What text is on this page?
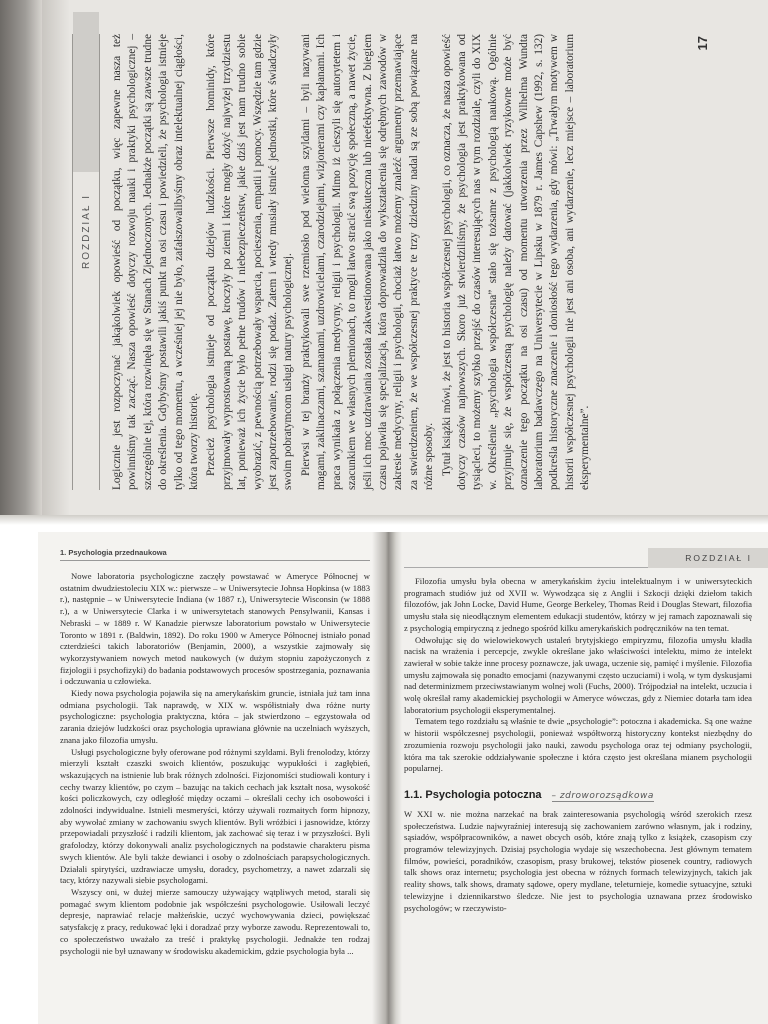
ROZDZIAŁ I Logicznie jest rozpoczynać jakąkolwiek opowieść od początku, więc zapewne nasza też powinniśmy tak zacząć. Nasza opowieść dotyczy rozwoju nauki i praktyki psychologicznej – szczególnie tej, która rozwinęła się w Stanach Zjednoczonych. Jednakże początki są zawsze trudne do określenia. Gdybyśmy postawili jakiś punkt na osi czasu i powiedzieli, że psychologia istnieje tylko od tego momentu, a wcześniej jej nie było, zafałszowalibyśmy obraz intelektualnej ciągłości, która tworzy historię. Przecież psychologia istnieje od początku dziejów ludzkości. Pierwsze hominidy, które przyjmowały wyprostowaną postawę, kroczyły po ziemi i które mogły dożyć najwyżej trzydziestu lat, ponieważ ich życie było pełne trudów i niebezpieczeństw, jakie dziś jest nam trudno sobie wyobrazić, z pewnością potrzebowały wsparcia, pocieszenia, empatii i pomocy. Wszędzie tam gdzie jest zapotrzebowanie, rodzi się podaż. Zatem i wtedy musiały istnieć jednostki, które świadczyły swoim pobratymcom usługi natury psychologicznej. Pierwsi w tej branży praktykowali swe rzemiosło pod wieloma szyldami – byli nazywani magami, zaklinaczami, szamanami, uzdrowicielami, czarodziejami, wizjonerami czy kapłanami. Ich praca wynikała z połączenia medycyny, religii i psychologii. Mimo iż cieszyli się autorytetem i szacunkiem we własnych plemionach, to mogli łatwo stracić swą pozycję społeczną, a nawet życie, jeśli ich moc uzdrawiania została zakwestionowana jako nieskuteczna lub nieefektywna. Z biegiem czasu pojawiła się specjalizacja, która doprowadziła do wykształcenia się odrębnych zawodów w zakresie medycyny, religii i psychologii, chociaż łatwo możemy znaleźć argumenty przemawiające za stwierdzeniem, że we współczesnej praktyce te trzy dziedziny nadal są ze sobą powiązane na różne sposoby. Tytuł książki mówi, że jest to historia współczesnej psychologii, co oznacza, że nasza opowieść dotyczy czasów najnowszych. Skoro już stwierdziliśmy, że psychologia jest praktykowana od tysiącleci, to możemy szybko przejść do czasów interesujących nas w tym rozdziale, czyli do XIX w. Określenie „psychologia współczesna” stało się tożsame z psychologią naukową. Ogólnie przyjmuje się, że współczesną psychologię należy datować (jakkolwiek ryzykowne może być oznaczenie tego początku na osi czasu) od momentu utworzenia przez Wilhelma Wundta laboratorium badawczego na Uniwersytecie w Lipsku w 1879 r. James Capshew (1992, s. 132) podkreśla historyczne znaczenie i doniosłość tego wydarzenia, gdy mówi: „Trwałym motywem w historii współczesnej psychologii nie jest ani osoba, ani wydarzenie, lecz miejsce – laboratorium eksperymentalne”.

17
1. Psychologia przednaukowa

Nowe laboratoria psychologiczne zaczęły powstawać w Ameryce Północnej w ostatnim dwudziestoleciu XIX w.: pierwsze – w Uniwersytecie Johnsa Hopkinsa (w 1883 r.), następnie – w Uniwersytecie Indiana (w 1887 r.), Uniwersytecie Wisconsin (w 1888 r.), a w Uniwersytecie Clarka i w uniwersytetach stanowych Pensylwanii, Kansas i Nebraski – w 1889 r. W Kanadzie pierwsze laboratorium powstało w Uniwersytecie Toronto w 1891 r. (Baldwin, 1892). Do roku 1900 w Ameryce Północnej istniało ponad czterdzieści takich laboratoriów (Benjamin, 2000), a wszystkie zajmowały się wykorzystywaniem nowych metod naukowych (w dużym stopniu zapożyczonych z fizjologii i psychofizyki) do badania podstawowych procesów spostrzegania, poznawania i odczuwania u człowieka.

Kiedy nowa psychologia pojawiła się na amerykańskim gruncie, istniała już tam inna odmiana psychologii. Tak naprawdę, w XIX w. współistniały dwa różne nurty psychologiczne: psychologia praktyczna, która – jak stwierdzono – egzystowała od zarania dziejów ludzkości oraz psychologia uprawiana głównie na uczelniach wyższych, znana jako filozofia umysłu.

Usługi psychologiczne były oferowane pod różnymi szyldami. Byli frenolodzy, którzy mierzyli kształt czaszki swoich klientów, poszukując wypukłości i zagłębień, wskazujących na istnienie lub brak różnych zdolności. Fizjonomiści studiowali kontury i cechy twarzy klientów, po czym – bazując na takich cechach jak kształt nosa, wysokość kości policzkowych, czy odległość między oczami – określali cechy ich osobowości i zdolności indywidualne. Istnieli mesmeryści, którzy używali rozmaitych form hipnozy, aby wywołać zmiany w zachowaniu swych klientów. Byli wróżbici i jasnowidze, którzy przepowiadali przyszłość i radzili klientom, jak zachować się teraz i w przyszłości. Byli grafolodzy, którzy dokonywali analiz psychologicznych na podstawie charakteru pisma swych klientów. Ale byli także dewianci i osoby o zdolnościach parapsychologicznych. Działali spirytyści, uzdrawiacze umysłu, doradcy, psychometrzy, a nawet zdarzali się tacy, którzy nazywali siebie psychologami.

Wszyscy oni, w dużej mierze samouczy używający wątpliwych metod, starali się pomagać swym klientom podobnie jak współcześni psychologowie. Usiłowali leczyć depresje, naprawiać relacje małżeńskie, uczyć wychowywania dzieci, powiększać satysfakcję z pracy, redukować lęki i doradzać przy wyborze zawodu. Reprezentowali to, co społeczeństwo uważało za treść i praktykę psychologii. Jednakże ten rodzaj psychologii nie był uznawany w środowisku akademickim, gdzie psychologia była ...

ROZDZIAŁ I

Filozofia umysłu była obecna w amerykańskim życiu intelektualnym i w uniwersyteckich programach studiów już od XVII w. Wywodząca się z Anglii i Szkocji dzięki dziełom takich filozofów, jak John Locke, David Hume, George Berkeley, Thomas Reid i Douglas Stewart, filozofia umysłu stała się nieodłącznym elementem edukacji studentów, którzy w jej ramach zapoznawali się z psychologią empiryczną z jednego spośród kilku amerykańskich podręczników na ten temat.

Odwołując się do wielowiekowych ustaleń brytyjskiego empiryzmu, filozofia umysłu kładła nacisk na wrażenia i percepcje, zwykle określane jako właściwości intelektu, mimo że intelekt zawierał w sobie także inne procesy poznawcze, jak uwaga, uczenie się, pamięć i myślenie. Filozofia umysłu zajmowała się ponadto emocjami (nazywanymi często uczuciami) i wolą, w tym dyskusjami nad determinizmem przeciwstawianym wolnej woli (Fuchs, 2000). Trójpodział na intelekt, uczucia i wolę określał ramy akademickiej psychologii w Ameryce wówczas, gdy z Niemiec dotarła tam idea laboratorium psychologii eksperymentalnej.

Tematem tego rozdziału są właśnie te dwie „psychologie”: potoczna i akademicka. Są one ważne w historii współczesnej psychologii, ponieważ współtworzą historyczny kontekst niezbędny do zrozumienia rozwoju psychologii jako nauki, zawodu psychologa oraz tej odmiany psychologii, która ma tak szerokie oddziaływanie społeczne i która często jest określana mianem psychologii popularnej.

1.1. Psychologia potoczna – zdroworozsądkowa

W XXI w. nie można narzekać na brak zainteresowania psychologią wśród szerokich rzesz społeczeństwa. Ludzie najwyraźniej interesują się zachowaniem zarówno własnym, jak i rodziny, sąsiadów, współpracowników, a nawet obcych osób, które znają tylko z książek, czasopism czy programów telewizyjnych. Dzisiaj psychologia wydaje się wszechobecna. Jest głównym tematem filmów, powieści, poradników, czasopism, prasy brukowej, tekstów piosenek country, radiowych talk shows oraz internetu; psychologia jest obecna w różnych formach telewizyjnych, takich jak reality shows, talk shows, dramaty sądowe, opery mydlane, teleturnieje, komedie sytuacyjne, sztuki telewizyjne i dziennikarstwo śledcze. Nie jest to psychologia uznawana przez środowisko psychologów; w rzeczywisto-
